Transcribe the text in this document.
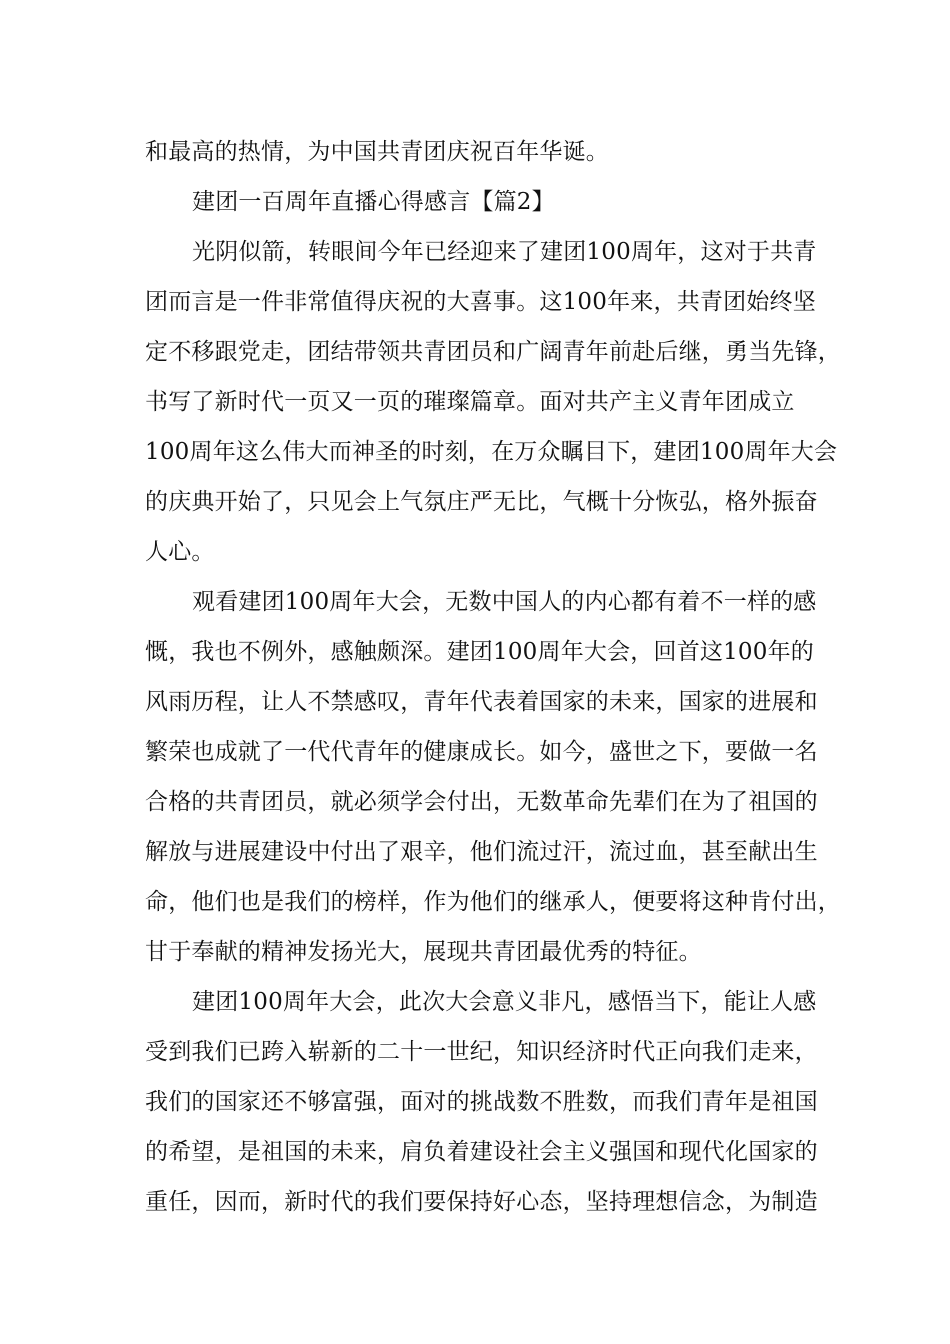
和最高的热情，为中国共青团庆祝百年华诞。
建团一百周年直播心得感言【篇2】
光阴似箭，转眼间今年已经迎来了建团100周年，这对于共青
团而言是一件非常值得庆祝的大喜事。这100年来，共青团始终坚
定不移跟党走，团结带领共青团员和广阔青年前赴后继，勇当先锋，
书写了新时代一页又一页的璀璨篇章。面对共产主义青年团成立
100周年这么伟大而神圣的时刻，在万众瞩目下，建团100周年大会
的庆典开始了，只见会上气氛庄严无比，气概十分恢弘，格外振奋
人心。
观看建团100周年大会，无数中国人的内心都有着不一样的感
慨，我也不例外，感触颇深。建团100周年大会，回首这100年的
风雨历程，让人不禁感叹，青年代表着国家的未来，国家的进展和
繁荣也成就了一代代青年的健康成长。如今，盛世之下，要做一名
合格的共青团员，就必须学会付出，无数革命先辈们在为了祖国的
解放与进展建设中付出了艰辛，他们流过汗，流过血，甚至献出生
命，他们也是我们的榜样，作为他们的继承人，便要将这种肯付出，
甘于奉献的精神发扬光大，展现共青团最优秀的特征。
建团100周年大会，此次大会意义非凡，感悟当下，能让人感
受到我们已跨入崭新的二十一世纪，知识经济时代正向我们走来，
我们的国家还不够富强，面对的挑战数不胜数，而我们青年是祖国
的希望，是祖国的未来，肩负着建设社会主义强国和现代化国家的
重任，因而，新时代的我们要保持好心态，坚持理想信念，为制造
